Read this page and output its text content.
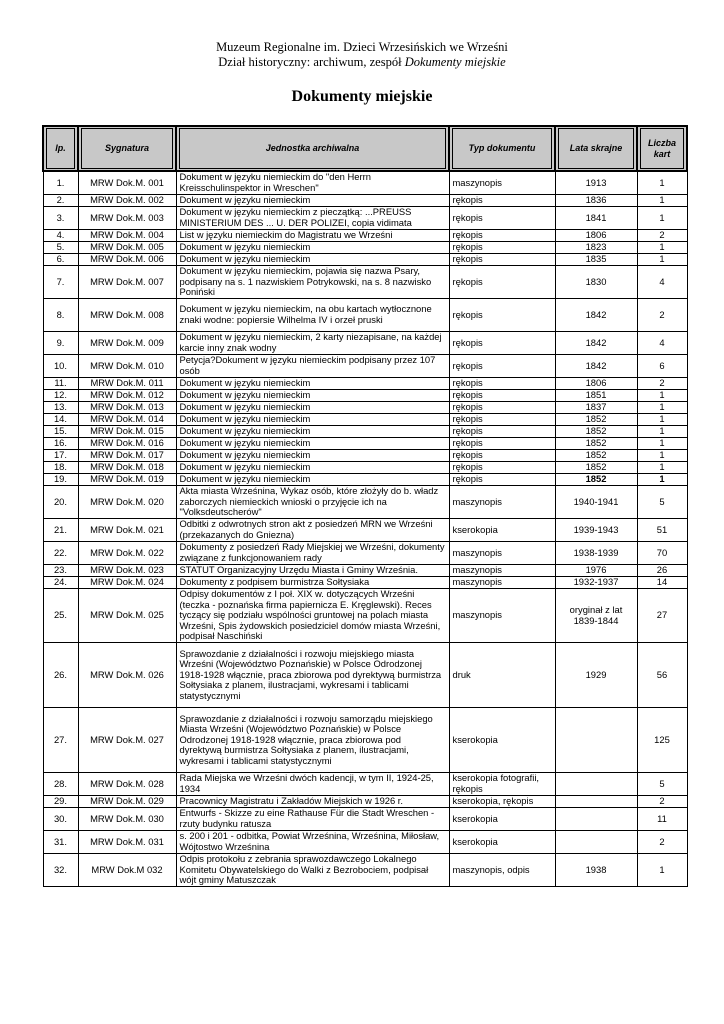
Muzeum Regionalne im. Dzieci Wrzesińskich we Wrześni
Dział historyczny: archiwum, zespół Dokumenty miejskie
Dokumenty miejskie
lp.	Sygnatura	Jednostka archiwalna	Typ dokumentu	Lata skrajne	Liczba kart

1.	MRW Dok.M. 001	Dokument w języku niemieckim do "den Herrn Kreisschulinspektor in Wreschen"	maszynopis	1913	1
2.	MRW Dok.M. 002	Dokument w języku niemieckim	rękopis	1836	1
3.	MRW Dok.M. 003	Dokument w języku niemieckim z pieczątką: ...PREUSS MINISTERIUM DES ... U. DER POLIZEI, copia vidimata	rękopis	1841	1
4.	MRW Dok.M. 004	List w języku niemieckim do Magistratu we Wrześni	rękopis	1806	2
5.	MRW Dok.M. 005	Dokument w języku niemieckim	rękopis	1823	1
6.	MRW Dok.M. 006	Dokument w języku niemieckim	rękopis	1835	1
7.	MRW Dok.M. 007	Dokument w języku niemieckim, pojawia się nazwa Psary, podpisany na s. 1 nazwiskiem Potrykowski, na s. 8 nazwisko Poniński	rękopis	1830	4
8.	MRW Dok.M. 008	Dokument w języku niemieckim, na obu kartach wytłocznone znaki wodne: popiersie Wilhelma IV i orzeł pruski	rękopis	1842	2
9.	MRW Dok.M. 009	Dokument w języku niemieckim, 2 karty niezapisane, na każdej karcie inny znak wodny	rękopis	1842	4
10.	MRW Dok.M. 010	Petycja?Dokument w języku niemieckim podpisany przez 107 osób	rękopis	1842	6
11.	MRW Dok.M. 011	Dokument w języku niemieckim	rękopis	1806	2
12.	MRW Dok.M. 012	Dokument w języku niemieckim	rękopis	1851	1
13.	MRW Dok.M. 013	Dokument w języku niemieckim	rękopis	1837	1
14.	MRW Dok.M. 014	Dokument w języku niemieckim	rękopis	1852	1
15.	MRW Dok.M. 015	Dokument w języku niemieckim	rękopis	1852	1
16.	MRW Dok.M. 016	Dokument w języku niemieckim	rękopis	1852	1
17.	MRW Dok.M. 017	Dokument w języku niemieckim	rękopis	1852	1
18.	MRW Dok.M. 018	Dokument w języku niemieckim	rękopis	1852	1
19.	MRW Dok.M. 019	Dokument w języku niemieckim	rękopis	1852	1
20.	MRW Dok.M. 020	Akta miasta Wrześnina, Wykaz osób, które złożyły do b. władz zaborczych niemieckich wnioski o przyjęcie ich na "Volksdeutscherów"	maszynopis	1940-1941	5
21.	MRW Dok.M. 021	Odbitki z odwrotnych stron akt z posiedzeń MRN we Wrześni (przekazanych do Gniezna)	kserokopia	1939-1943	51
22.	MRW Dok.M. 022	Dokumenty z posiedzeń Rady Miejskiej we Wrześni, dokumenty związane z funkcjonowaniem rady	maszynopis	1938-1939	70
23.	MRW Dok.M. 023	STATUT Organizacyjny Urzędu Miasta i Gminy Września.	maszynopis	1976	26
24.	MRW Dok.M. 024	Dokumenty z podpisem burmistrza Sołtysiaka	maszynopis	1932-1937	14
25.	MRW Dok.M. 025	Odpisy dokumentów z I poł. XIX w. dotyczących Wrześni (teczka - poznańska firma papiernicza E. Kręglewski). Reces tyczący się podziału wspólności gruntowej na polach miasta Wrześni, Spis żydowskich posiedziciel domów miasta Wrześni, podpisał Naschiński	maszynopis	oryginał z lat 1839-1844	27
26.	MRW Dok.M. 026	Sprawozdanie z działalności i rozwoju miejskiego miasta Wrześni (Województwo Poznańskie) w Polsce Odrodzonej 1918-1928 włącznie, praca zbiorowa pod dyrektywą burmistrza Sołtysiaka z planem, ilustracjami, wykresami i tablicami statystycznymi	druk	1929	56
27.	MRW Dok.M. 027	Sprawozdanie z działalności i rozwoju samorządu miejskiego Miasta Wrześni (Województwo Poznańskie) w Polsce Odrodzonej 1918-1928 włącznie, praca zbiorowa pod dyrektywą burmistrza Sołtysiaka z planem, ilustracjami, wykresami i tablicami statystycznymi	kserokopia		125
28.	MRW Dok.M. 028	Rada Miejska we Wrześni dwóch kadencji, w tym II, 1924-25, 1934	kserokopia fotografii, rękopis		5
29.	MRW Dok.M. 029	Pracownicy Magistratu i Zakładów Miejskich w 1926 r.	kserokopia, rękopis		2
30.	MRW Dok.M. 030	Entwurfs - Skizze zu eine Rathause Für die Stadt Wreschen - rzuty budynku ratusza	kserokopia		11
31.	MRW Dok.M. 031	s. 200 i 201 - odbitka, Powiat Wrześnina, Wrześnina, Miłosław, Wójtostwo Wrześnina	kserokopia		2
32.	MRW Dok.M 032	Odpis protokołu z zebrania sprawozdawczego Lokalnego Komitetu Obywatelskiego do Walki z Bezrobociem, podpisał wójt gminy Matuszczak	maszynopis, odpis	1938	1
